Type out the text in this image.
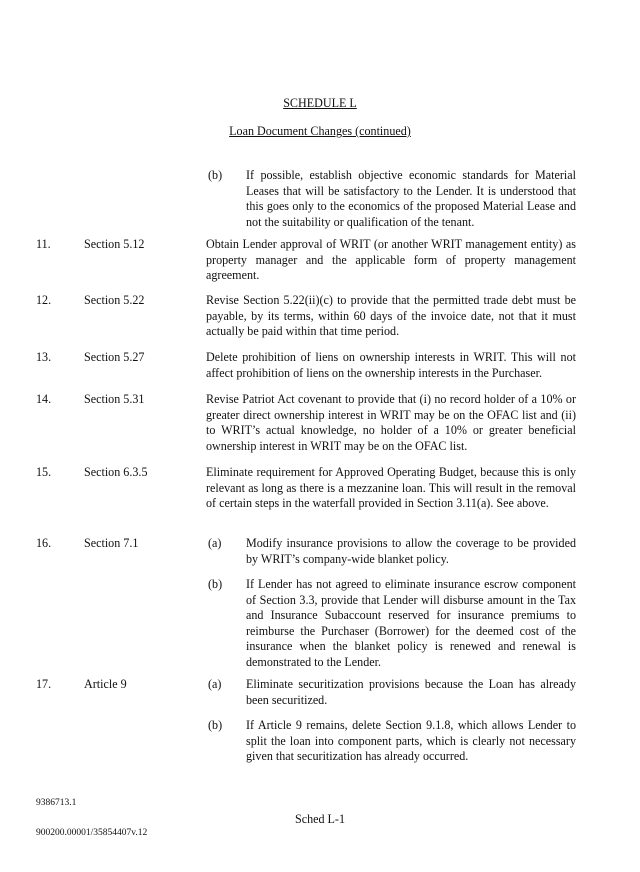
SCHEDULE L
Loan Document Changes (continued)
(b) If possible, establish objective economic standards for Material Leases that will be satisfactory to the Lender. It is understood that this goes only to the economics of the proposed Material Lease and not the suitability or qualification of the tenant.
11.	Section 5.12	Obtain Lender approval of WRIT (or another WRIT management entity) as property manager and the applicable form of property management agreement.
12.	Section 5.22	Revise Section 5.22(ii)(c) to provide that the permitted trade debt must be payable, by its terms, within 60 days of the invoice date, not that it must actually be paid within that time period.
13.	Section 5.27	Delete prohibition of liens on ownership interests in WRIT. This will not affect prohibition of liens on the ownership interests in the Purchaser.
14.	Section 5.31	Revise Patriot Act covenant to provide that (i) no record holder of a 10% or greater direct ownership interest in WRIT may be on the OFAC list and (ii) to WRIT’s actual knowledge, no holder of a 10% or greater beneficial ownership interest in WRIT may be on the OFAC list.
15.	Section 6.3.5	Eliminate requirement for Approved Operating Budget, because this is only relevant as long as there is a mezzanine loan. This will result in the removal of certain steps in the waterfall provided in Section 3.11(a). See above.
16.	Section 7.1	(a) Modify insurance provisions to allow the coverage to be provided by WRIT’s company-wide blanket policy.
(b) If Lender has not agreed to eliminate insurance escrow component of Section 3.3, provide that Lender will disburse amount in the Tax and Insurance Subaccount reserved for insurance premiums to reimburse the Purchaser (Borrower) for the deemed cost of the insurance when the blanket policy is renewed and renewal is demonstrated to the Lender.
17.	Article 9	(a) Eliminate securitization provisions because the Loan has already been securitized.
(b) If Article 9 remains, delete Section 9.1.8, which allows Lender to split the loan into component parts, which is clearly not necessary given that securitization has already occurred.
9386713.1
Sched L-1
900200.00001/35854407v.12
